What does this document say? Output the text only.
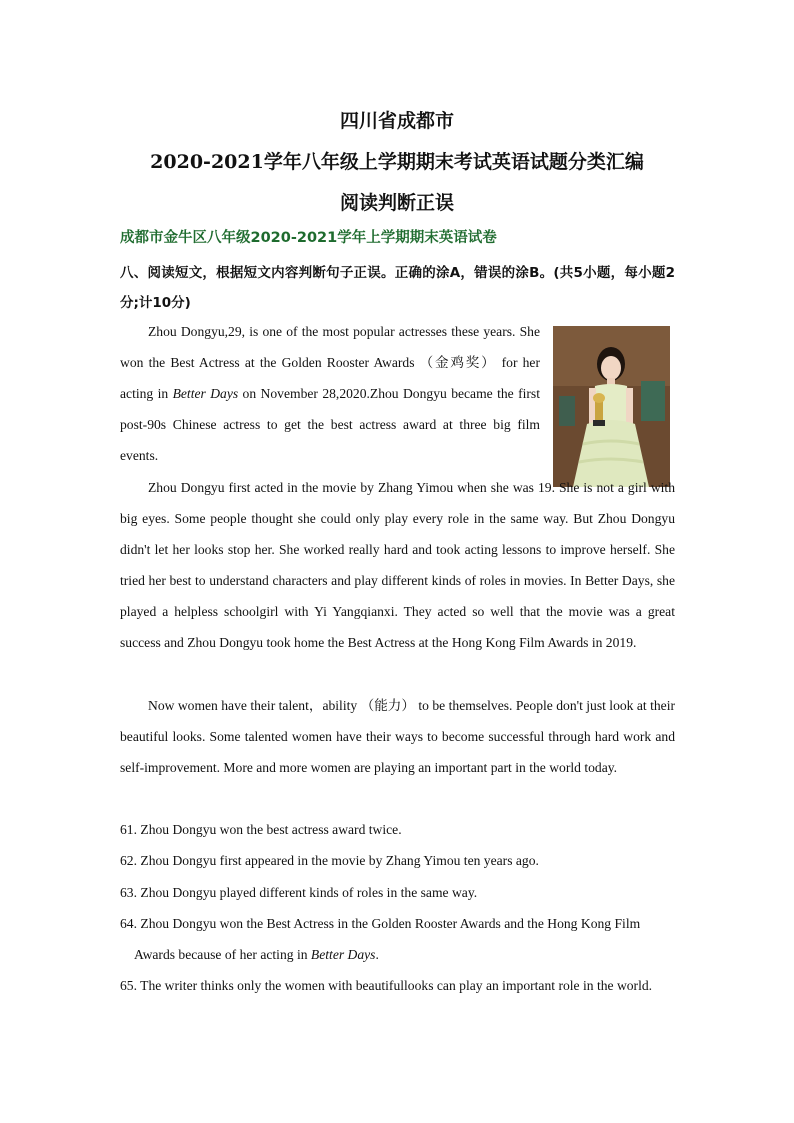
四川省成都市
2020-2021学年八年级上学期期末考试英语试题分类汇编
阅读判断正误
成都市金牛区八年级2020-2021学年上学期期末英语试卷
八、阅读短文，根据短文内容判断句子正误。正确的涂A，错误的涂B。(共5小题，每小题2分;计10分)
Zhou Dongyu,29, is one of the most popular actresses these years. She won the Best Actress at the Golden Rooster Awards （金鸡奖） for her acting in Better Days on November 28,2020.Zhou Dongyu became the first post-90s Chinese actress to get the best actress award at three big film events.
Zhou Dongyu first acted in the movie by Zhang Yimou when she was 19. She is not a girl with big eyes. Some people thought she could only play every role in the same way. But Zhou Dongyu didn't let her looks stop her. She worked really hard and took acting lessons to improve herself. She tried her best to understand characters and play different kinds of roles in movies. In Better Days, she played a helpless schoolgirl with Yi Yangqianxi. They acted so well that the movie was a great success and Zhou Dongyu took home the Best Actress at the Hong Kong Film Awards in 2019.
Now women have their talent，ability （能力） to be themselves. People don't just look at their beautiful looks. Some talented women have their ways to become successful through hard work and self-improvement. More and more women are playing an important part in the world today.
61. Zhou Dongyu won the best actress award twice.
62. Zhou Dongyu first appeared in the movie by Zhang Yimou ten years ago.
63. Zhou Dongyu played different kinds of roles in the same way.
64. Zhou Dongyu won the Best Actress in the Golden Rooster Awards and the Hong Kong Film
Awards because of her acting in Better Days.
65. The writer thinks only the women with beautifullooks can play an important role in the world.
